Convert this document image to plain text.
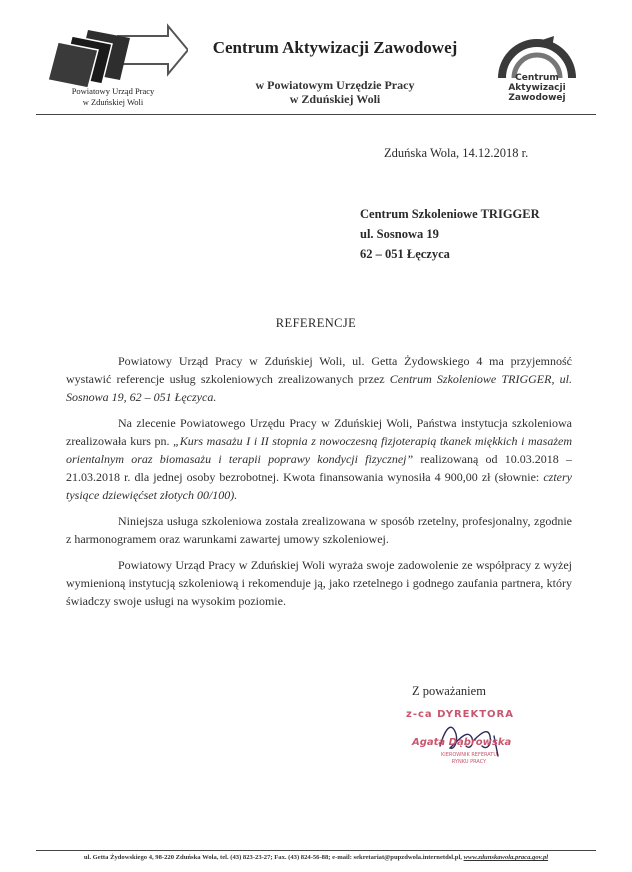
Powiatowy Urząd Pracy
w Zduńskiej Woli
Centrum Aktywizacji Zawodowej
w Powiatowym Urzędzie Pracy
w Zduńskiej Woli
Centrum
Aktywizacji
Zawodowej
Zduńska Wola, 14.12.2018 r.
Centrum Szkoleniowe TRIGGER
ul. Sosnowa 19
62 – 051 Łęczyca
REFERENCJE

Powiatowy Urząd Pracy w Zduńskiej Woli, ul. Getta Żydowskiego 4 ma przyjemność wystawić referencje usług szkoleniowych zrealizowanych przez Centrum Szkoleniowe TRIGGER, ul. Sosnowa 19, 62 – 051 Łęczyca.

Na zlecenie Powiatowego Urzędu Pracy w Zduńskiej Woli, Państwa instytucja szkoleniowa zrealizowała kurs pn. „Kurs masażu I i II stopnia z nowoczesną fizjoterapią tkanek miękkich i masażem orientalnym oraz biomasażu i terapii poprawy kondycji fizycznej” realizowaną od 10.03.2018 – 21.03.2018 r. dla jednej osoby bezrobotnej. Kwota finansowania wynosiła 4 900,00 zł (słownie: cztery tysiące dziewięćset złotych 00/100).

Niniejsza usługa szkoleniowa została zrealizowana w sposób rzetelny, profesjonalny, zgodnie z harmonogramem oraz warunkami zawartej umowy szkoleniowej.

Powiatowy Urząd Pracy w Zduńskiej Woli wyraża swoje zadowolenie ze współpracy z wyżej wymienioną instytucją szkoleniową i rekomenduje ją, jako rzetelnego i godnego zaufania partnera, który świadczy swoje usługi na wysokim poziomie.

Z poważaniem
z-ca DYREKTORA
Agata Dąbrowska
KIEROWNIK REFERATU
RYNKU PRACY
ul. Getta Żydowskiego 4, 98-220 Zduńska Wola, tel. (43) 823-23-27; Fax. (43) 824-56-88; e-mail: sekretariat@pupzdwola.internetdsl.pl, www.zdunskawola.praca.gov.pl
